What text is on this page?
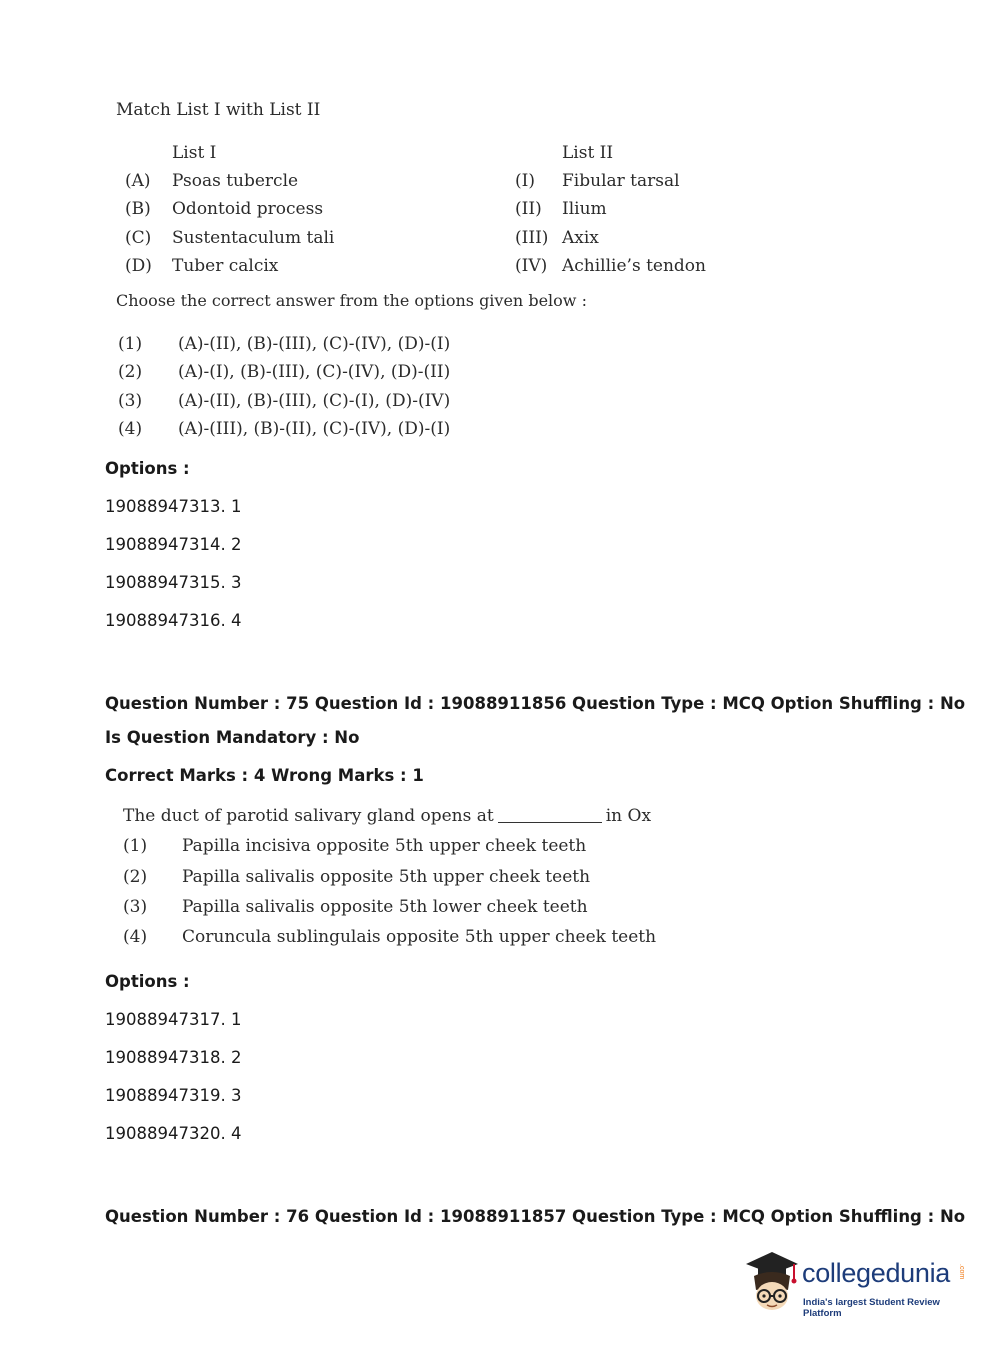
Match List I with List II
List I	List II
(A) Psoas tubercle	(I) Fibular tarsal
(B) Odontoid process	(II) Ilium
(C) Sustentaculum tali	(III) Axix
(D) Tuber calcix	(IV) Achillie’s tendon
Choose the correct answer from the options given below :
(1) (A)-(II), (B)-(III), (C)-(IV), (D)-(I)
(2) (A)-(I), (B)-(III), (C)-(IV), (D)-(II)
(3) (A)-(II), (B)-(III), (C)-(I), (D)-(IV)
(4) (A)-(III), (B)-(II), (C)-(IV), (D)-(I)
Options :
19088947313. 1
19088947314. 2
19088947315. 3
19088947316. 4
Question Number : 75 Question Id : 19088911856 Question Type : MCQ Option Shuffling : No
Is Question Mandatory : No
Correct Marks : 4 Wrong Marks : 1
The duct of parotid salivary gland opens at	in Ox
(1) Papilla incisiva opposite 5th upper cheek teeth
(2) Papilla salivalis opposite 5th upper cheek teeth
(3) Papilla salivalis opposite 5th lower cheek teeth
(4) Coruncula sublingulais opposite 5th upper cheek teeth
Options :
19088947317. 1
19088947318. 2
19088947319. 3
19088947320. 4
Question Number : 76 Question Id : 19088911857 Question Type : MCQ Option Shuffling : No
collegedunia .com
India's largest Student Review Platform
